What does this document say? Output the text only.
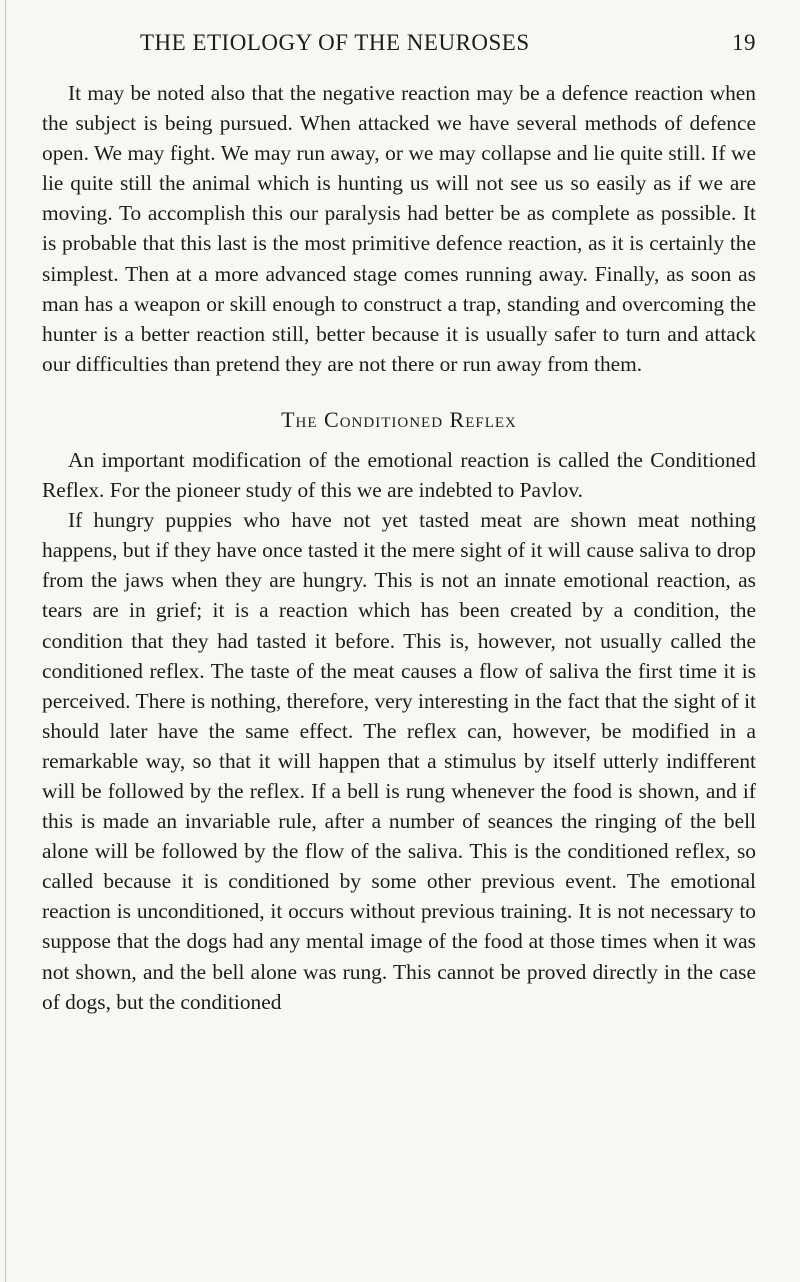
THE ETIOLOGY OF THE NEUROSES	19

It may be noted also that the negative reaction may be a defence reaction when the subject is being pursued. When attacked we have several methods of defence open. We may fight. We may run away, or we may collapse and lie quite still. If we lie quite still the animal which is hunting us will not see us so easily as if we are moving. To accomplish this our paralysis had better be as complete as possible. It is probable that this last is the most primitive defence reaction, as it is certainly the simplest. Then at a more advanced stage comes running away. Finally, as soon as man has a weapon or skill enough to construct a trap, standing and overcoming the hunter is a better reaction still, better because it is usually safer to turn and attack our difficulties than pretend they are not there or run away from them.

The Conditioned Reflex

An important modification of the emotional reaction is called the Conditioned Reflex. For the pioneer study of this we are indebted to Pavlov.

If hungry puppies who have not yet tasted meat are shown meat nothing happens, but if they have once tasted it the mere sight of it will cause saliva to drop from the jaws when they are hungry. This is not an innate emotional reaction, as tears are in grief; it is a reaction which has been created by a condition, the condition that they had tasted it before. This is, however, not usually called the conditioned reflex. The taste of the meat causes a flow of saliva the first time it is perceived. There is nothing, therefore, very interesting in the fact that the sight of it should later have the same effect. The reflex can, however, be modified in a remarkable way, so that it will happen that a stimulus by itself utterly indifferent will be followed by the reflex. If a bell is rung whenever the food is shown, and if this is made an invariable rule, after a number of seances the ringing of the bell alone will be followed by the flow of the saliva. This is the conditioned reflex, so called because it is conditioned by some other previous event. The emotional reaction is unconditioned, it occurs without previous training. It is not necessary to suppose that the dogs had any mental image of the food at those times when it was not shown, and the bell alone was rung. This cannot be proved directly in the case of dogs, but the conditioned
